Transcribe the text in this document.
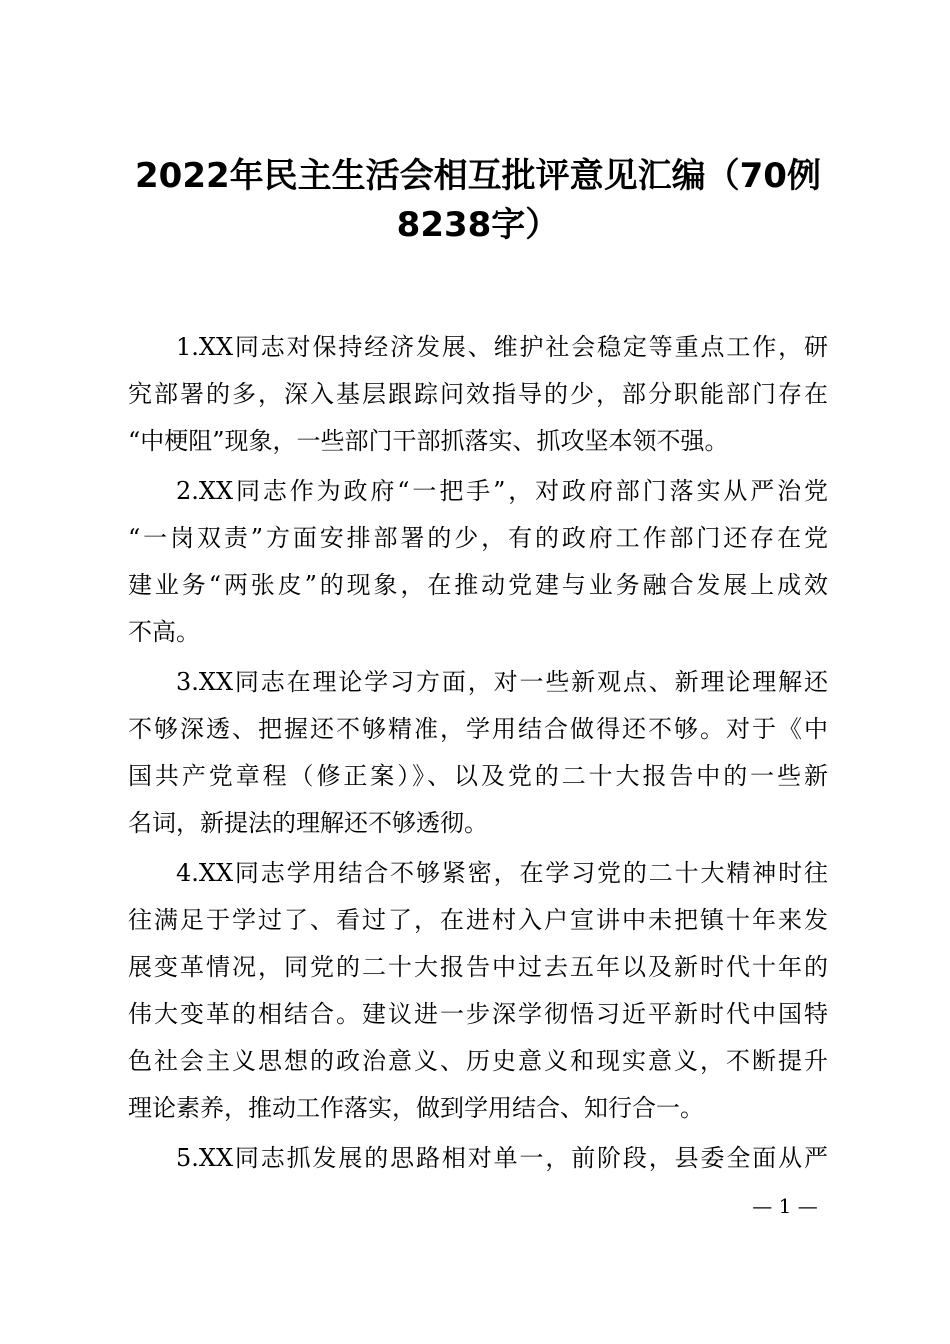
2022年民主生活会相互批评意见汇编（70例
8238字）

1.XX同志对保持经济发展、维护社会稳定等重点工作，研
究部署的多，深入基层跟踪问效指导的少，部分职能部门存在
“中梗阻”现象，一些部门干部抓落实、抓攻坚本领不强。

2.XX同志作为政府“一把手”，对政府部门落实从严治党
“一岗双责”方面安排部署的少，有的政府工作部门还存在党
建业务“两张皮”的现象，在推动党建与业务融合发展上成效
不高。

3.XX同志在理论学习方面，对一些新观点、新理论理解还
不够深透、把握还不够精准，学用结合做得还不够。对于《中
国共产党章程（修正案）》、以及党的二十大报告中的一些新
名词，新提法的理解还不够透彻。

4.XX同志学用结合不够紧密，在学习党的二十大精神时往
往满足于学过了、看过了，在进村入户宣讲中未把镇十年来发
展变革情况，同党的二十大报告中过去五年以及新时代十年的
伟大变革的相结合。建议进一步深学彻悟习近平新时代中国特
色社会主义思想的政治意义、历史意义和现实意义，不断提升
理论素养，推动工作落实，做到学用结合、知行合一。

5.XX同志抓发展的思路相对单一，前阶段，县委全面从严

— 1 —
